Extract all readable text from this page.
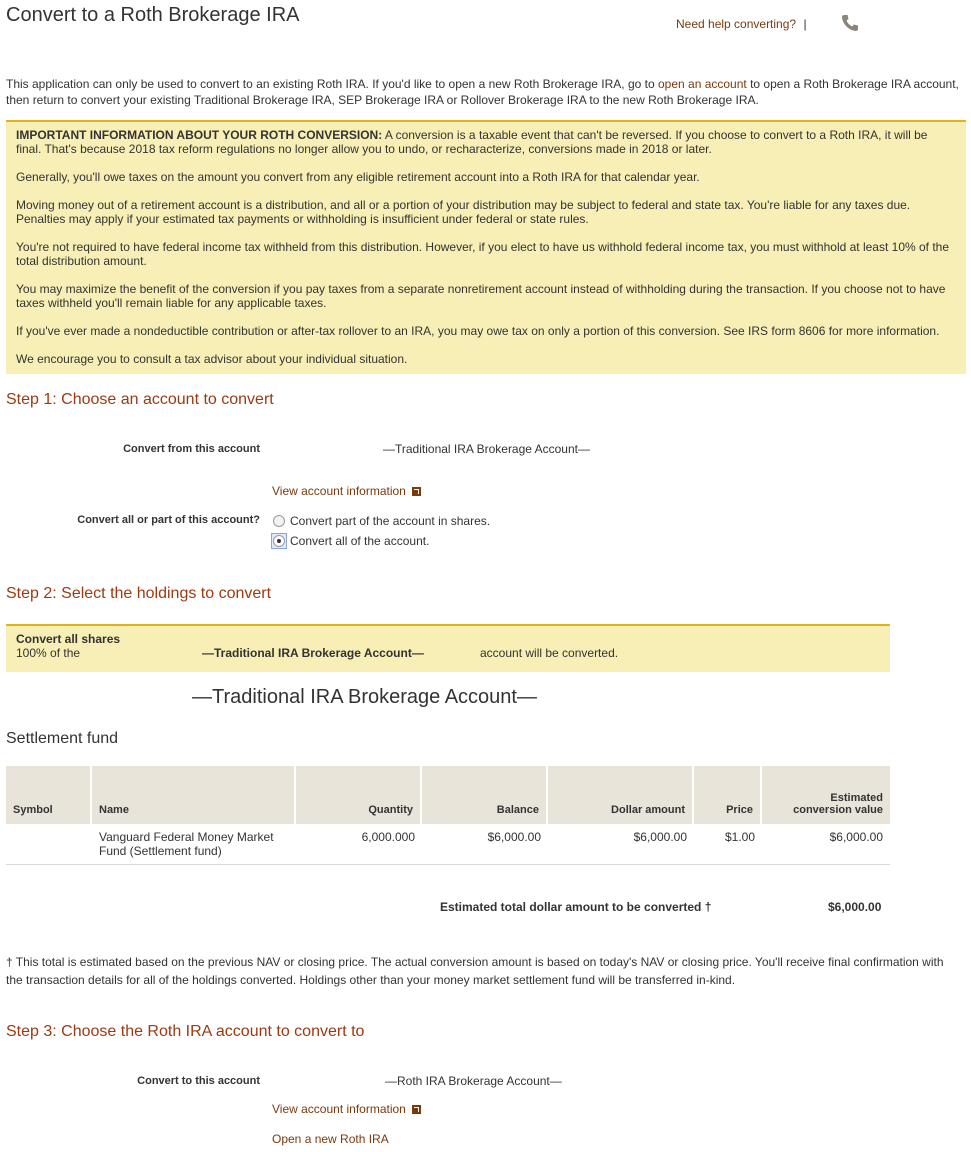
Convert to a Roth Brokerage IRA	Need help converting? |
This application can only be used to convert to an existing Roth IRA. If you'd like to open a new Roth Brokerage IRA, go to open an account to open a Roth Brokerage IRA account, then return to convert your existing Traditional Brokerage IRA, SEP Brokerage IRA or Rollover Brokerage IRA to the new Roth Brokerage IRA.

IMPORTANT INFORMATION ABOUT YOUR ROTH CONVERSION: A conversion is a taxable event that can't be reversed. If you choose to convert to a Roth IRA, it will be final. That's because 2018 tax reform regulations no longer allow you to undo, or recharacterize, conversions made in 2018 or later.

Generally, you'll owe taxes on the amount you convert from any eligible retirement account into a Roth IRA for that calendar year.

Moving money out of a retirement account is a distribution, and all or a portion of your distribution may be subject to federal and state tax. You're liable for any taxes due. Penalties may apply if your estimated tax payments or withholding is insufficient under federal or state rules.

You're not required to have federal income tax withheld from this distribution. However, if you elect to have us withhold federal income tax, you must withhold at least 10% of the total distribution amount.

You may maximize the benefit of the conversion if you pay taxes from a separate nonretirement account instead of withholding during the transaction. If you choose not to have taxes withheld you'll remain liable for any applicable taxes.

If you've ever made a nondeductible contribution or after-tax rollover to an IRA, you may owe tax on only a portion of this conversion. See IRS form 8606 for more information.

We encourage you to consult a tax advisor about your individual situation.

Step 1: Choose an account to convert
Convert from this account	—Traditional IRA Brokerage Account—
View account information
Convert all or part of this account?	Convert part of the account in shares.
Convert all of the account.
Step 2: Select the holdings to convert
Convert all shares
100% of the	—Traditional IRA Brokerage Account—	account will be converted.
—Traditional IRA Brokerage Account—
Settlement fund
Symbol	Name	Quantity	Balance	Dollar amount	Price	Estimated conversion value
	Vanguard Federal Money Market Fund (Settlement fund)	6,000.000	$6,000.00	$6,000.00	$1.00	$6,000.00
Estimated total dollar amount to be converted †	$6,000.00
† This total is estimated based on the previous NAV or closing price. The actual conversion amount is based on today's NAV or closing price. You'll receive final confirmation with the transaction details for all of the holdings converted. Holdings other than your money market settlement fund will be transferred in-kind.
Step 3: Choose the Roth IRA account to convert to
Convert to this account	—Roth IRA Brokerage Account—
View account information
Open a new Roth IRA
